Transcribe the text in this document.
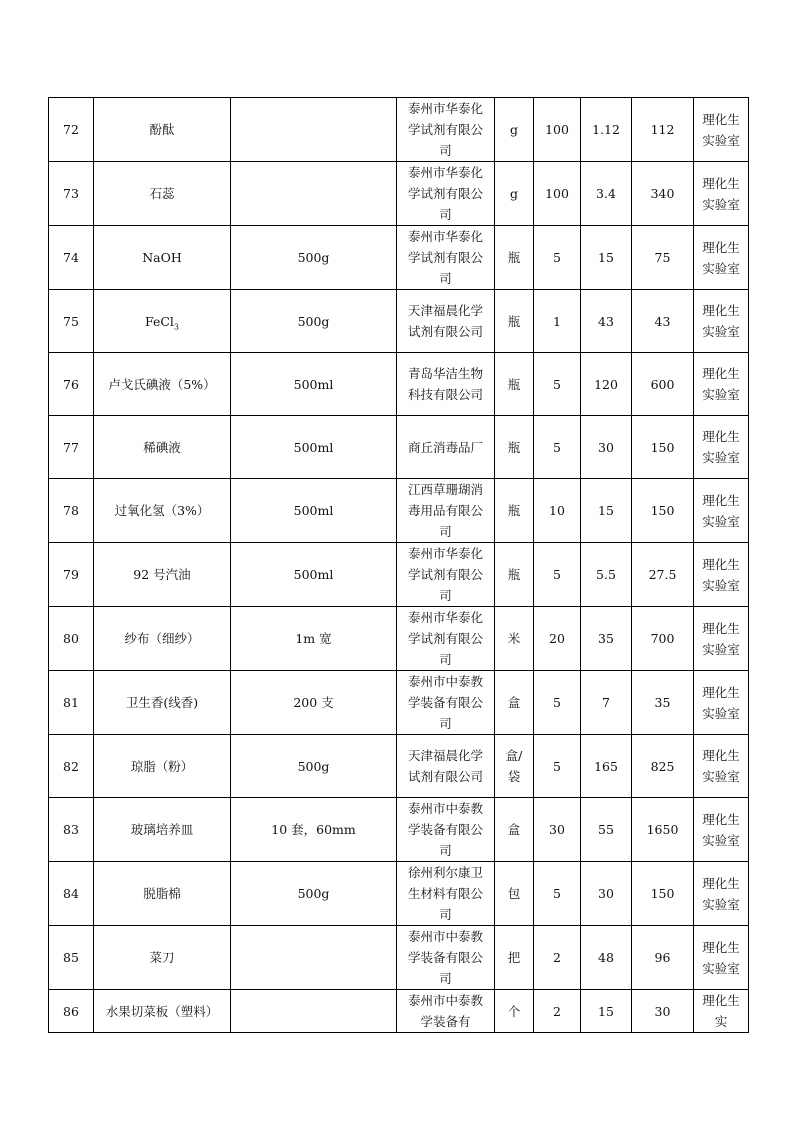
72	酚酞		泰州市华泰化学试剂有限公司	g	100	1.12	112	理化生实验室
73	石蕊		泰州市华泰化学试剂有限公司	g	100	3.4	340	理化生实验室
74	NaOH	500g	泰州市华泰化学试剂有限公司	瓶	5	15	75	理化生实验室
75	FeCl$_3$	500g	天津福晨化学试剂有限公司	瓶	1	43	43	理化生实验室
76	卢戈氏碘液（5%）	500ml	青岛华洁生物科技有限公司	瓶	5	120	600	理化生实验室
77	稀碘液	500ml	商丘消毒品厂	瓶	5	30	150	理化生实验室
78	过氧化氢（3%）	500ml	江西草珊瑚消毒用品有限公司	瓶	10	15	150	理化生实验室
79	92 号汽油	500ml	泰州市华泰化学试剂有限公司	瓶	5	5.5	27.5	理化生实验室
80	纱布（细纱）	1m 宽	泰州市华泰化学试剂有限公司	米	20	35	700	理化生实验室
81	卫生香(线香)	200 支	泰州市中泰教学装备有限公司	盒	5	7	35	理化生实验室
82	琼脂（粉）	500g	天津福晨化学试剂有限公司	盒/袋	5	165	825	理化生实验室
83	玻璃培养皿	10 套，60mm	泰州市中泰教学装备有限公司	盒	30	55	1650	理化生实验室
84	脱脂棉	500g	徐州利尔康卫生材料有限公司	包	5	30	150	理化生实验室
85	菜刀		泰州市中泰教学装备有限公司	把	2	48	96	理化生实验室
86	水果切菜板（塑料）		泰州市中泰教学装备有	个	2	15	30	理化生实
